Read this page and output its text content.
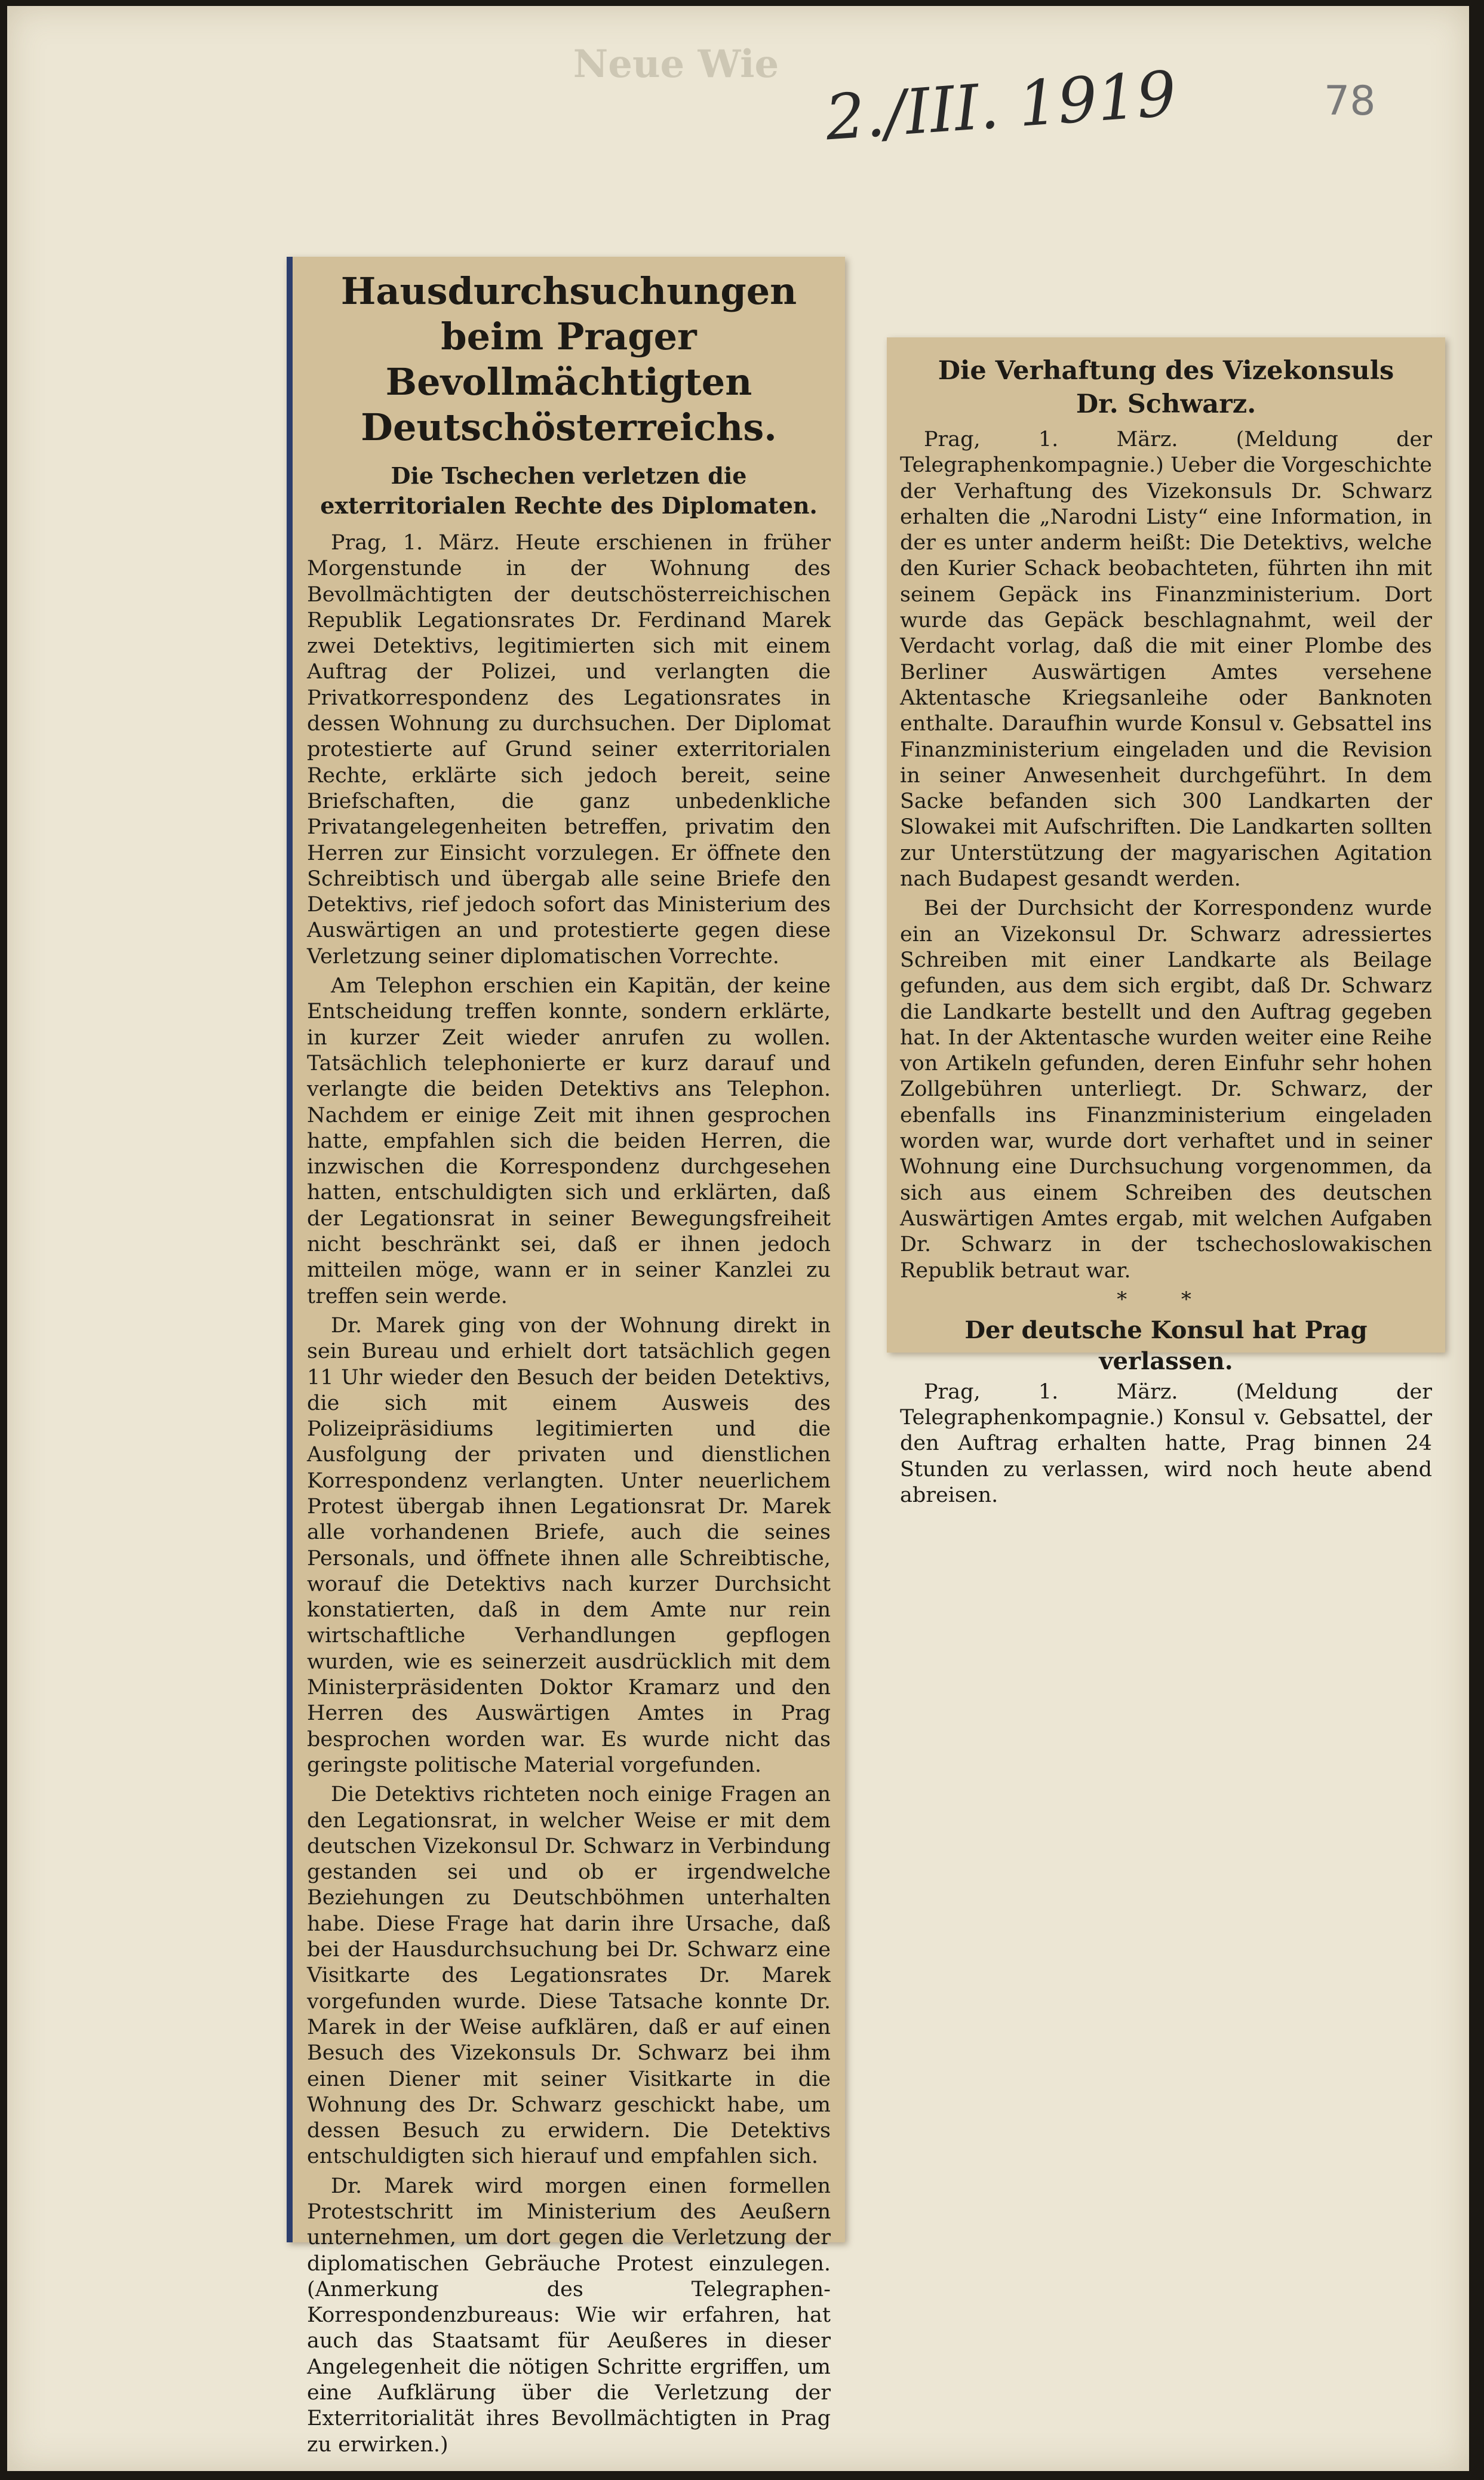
Neue Wie 2./III. 1919	78
Hausdurchsuchungen
beim Prager Bevollmächtigten
Deutschösterreichs.
Die Tschechen verletzen die exterritorialen Rechte des Diplomaten.

Prag, 1. März. Heute erschienen in früher Morgenstunde in der Wohnung des Bevollmächtigten der deutschösterreichischen Republik Legationsrates Dr. Ferdinand Marek zwei Detektivs, legitimierten sich mit einem Auftrag der Polizei, und verlangten die Privatkorrespondenz des Legationsrates in dessen Wohnung zu durchsuchen. Der Diplomat protestierte auf Grund seiner exterritorialen Rechte, erklärte sich jedoch bereit, seine Briefschaften, die ganz unbedenkliche Privatangelegenheiten betreffen, privatim den Herren zur Einsicht vorzulegen. Er öffnete den Schreibtisch und übergab alle seine Briefe den Detektivs, rief jedoch sofort das Ministerium des Auswärtigen an und protestierte gegen diese Verletzung seiner diplomatischen Vorrechte.

Am Telephon erschien ein Kapitän, der keine Entscheidung treffen konnte, sondern erklärte, in kurzer Zeit wieder anrufen zu wollen. Tatsächlich telephonierte er kurz darauf und verlangte die beiden Detektivs ans Telephon. Nachdem er einige Zeit mit ihnen gesprochen hatte, empfahlen sich die beiden Herren, die inzwischen die Korrespondenz durchgesehen hatten, entschuldigten sich und erklärten, daß der Legationsrat in seiner Bewegungsfreiheit nicht beschränkt sei, daß er ihnen jedoch mitteilen möge, wann er in seiner Kanzlei zu treffen sein werde.

Dr. Marek ging von der Wohnung direkt in sein Bureau und erhielt dort tatsächlich gegen 11 Uhr wieder den Besuch der beiden Detektivs, die sich mit einem Ausweis des Polizeipräsidiums legitimierten und die Ausfolgung der privaten und dienstlichen Korrespondenz verlangten. Unter neuerlichem Protest übergab ihnen Legationsrat Dr. Marek alle vorhandenen Briefe, auch die seines Personals, und öffnete ihnen alle Schreibtische, worauf die Detektivs nach kurzer Durchsicht konstatierten, daß in dem Amte nur rein wirtschaftliche Verhandlungen gepflogen wurden, wie es seinerzeit ausdrücklich mit dem Ministerpräsidenten Doktor Kramarz und den Herren des Auswärtigen Amtes in Prag besprochen worden war. Es wurde nicht das geringste politische Material vorgefunden.

Die Detektivs richteten noch einige Fragen an den Legationsrat, in welcher Weise er mit dem deutschen Vizekonsul Dr. Schwarz in Verbindung gestanden sei und ob er irgendwelche Beziehungen zu Deutschböhmen unterhalten habe. Diese Frage hat darin ihre Ursache, daß bei der Hausdurchsuchung bei Dr. Schwarz eine Visitkarte des Legationsrates Dr. Marek vorgefunden wurde. Diese Tatsache konnte Dr. Marek in der Weise aufklären, daß er auf einen Besuch des Vizekonsuls Dr. Schwarz bei ihm einen Diener mit seiner Visitkarte in die Wohnung des Dr. Schwarz geschickt habe, um dessen Besuch zu erwidern. Die Detektivs entschuldigten sich hierauf und empfahlen sich.

Dr. Marek wird morgen einen formellen Protestschritt im Ministerium des Aeußern unternehmen, um dort gegen die Verletzung der diplomatischen Gebräuche Protest einzulegen. (Anmerkung des Telegraphen-Korrespondenzbureaus: Wie wir erfahren, hat auch das Staatsamt für Aeußeres in dieser Angelegenheit die nötigen Schritte ergriffen, um eine Aufklärung über die Verletzung der Exterritorialität ihres Bevollmächtigten in Prag zu erwirken.)

Die Verhaftung des Vizekonsuls
Dr. Schwarz.

Prag, 1. März. (Meldung der Telegraphenkompagnie.) Ueber die Vorgeschichte der Verhaftung des Vizekonsuls Dr. Schwarz erhalten die „Narodni Listy“ eine Information, in der es unter anderm heißt: Die Detektivs, welche den Kurier Schack beobachteten, führten ihn mit seinem Gepäck ins Finanzministerium. Dort wurde das Gepäck beschlagnahmt, weil der Verdacht vorlag, daß die mit einer Plombe des Berliner Auswärtigen Amtes versehene Aktentasche Kriegsanleihe oder Banknoten enthalte. Daraufhin wurde Konsul v. Gebsattel ins Finanzministerium eingeladen und die Revision in seiner Anwesenheit durchgeführt. In dem Sacke befanden sich 300 Landkarten der Slowakei mit Aufschriften. Die Landkarten sollten zur Unterstützung der magyarischen Agitation nach Budapest gesandt werden.

Bei der Durchsicht der Korrespondenz wurde ein an Vizekonsul Dr. Schwarz adressiertes Schreiben mit einer Landkarte als Beilage gefunden, aus dem sich ergibt, daß Dr. Schwarz die Landkarte bestellt und den Auftrag gegeben hat. In der Aktentasche wurden weiter eine Reihe von Artikeln gefunden, deren Einfuhr sehr hohen Zollgebühren unterliegt. Dr. Schwarz, der ebenfalls ins Finanzministerium eingeladen worden war, wurde dort verhaftet und in seiner Wohnung eine Durchsuchung vorgenommen, da sich aus einem Schreiben des deutschen Auswärtigen Amtes ergab, mit welchen Aufgaben Dr. Schwarz in der tschechoslowakischen Republik betraut war.

* *
Der deutsche Konsul hat Prag verlassen.

Prag, 1. März. (Meldung der Telegraphenkompagnie.) Konsul v. Gebsattel, der den Auftrag erhalten hatte, Prag binnen 24 Stunden zu verlassen, wird noch heute abend abreisen.
